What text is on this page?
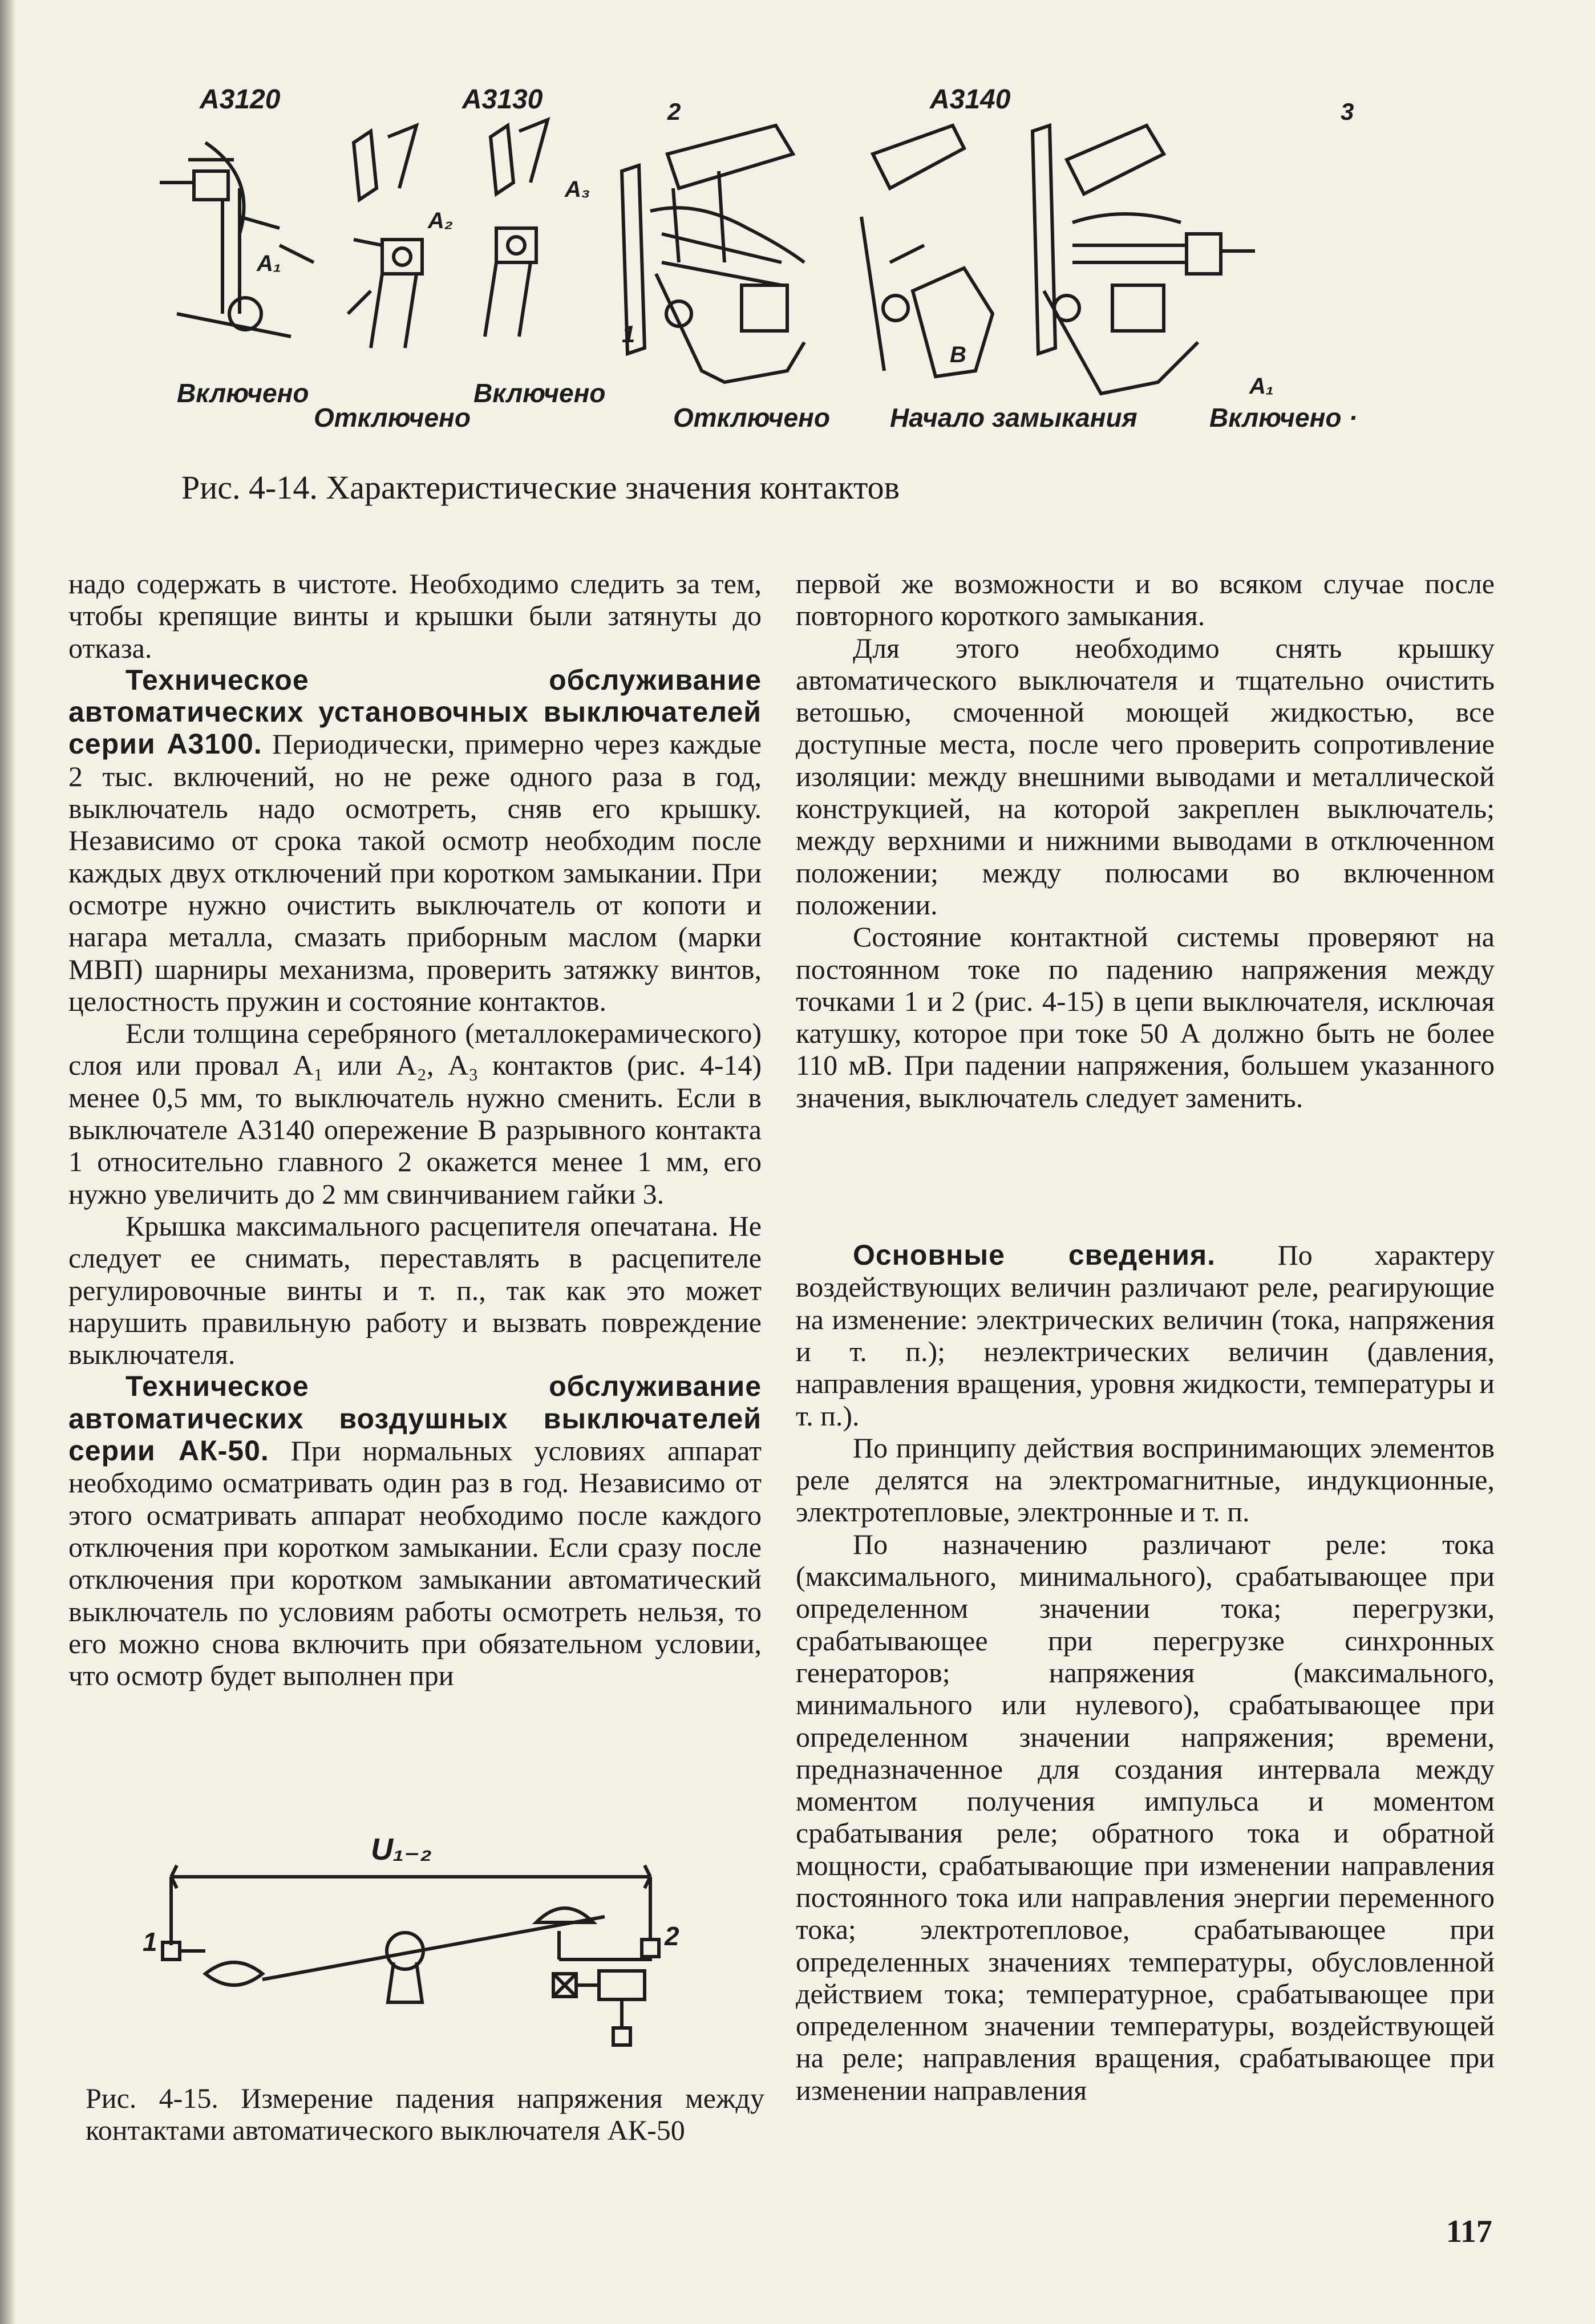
А3120	А3130	А3140
2	3
1
А₁
А₂
А₃
В
А₁
Включено
Отключено
Включено
Отключено Начало замыкания	Включено ·
Рис. 4-14. Характеристические значения контактов

надо содержать в чистоте. Необходимо следить за тем, чтобы крепящие винты и крышки были затянуты до отказа.

Техническое обслуживание автоматических установочных выключателей серии А3100. Периодически, примерно через каждые 2 тыс. включений, но не реже одного раза в год, выключатель надо осмотреть, сняв его крышку. Независимо от срока такой осмотр необходим после каждых двух отключений при коротком замыкании. При осмотре нужно очистить выключатель от копоти и нагара металла, смазать приборным маслом (марки МВП) шарниры механизма, проверить затяжку винтов, целостность пружин и состояние контактов.

Если толщина серебряного (металлокерамического) слоя или провал А₁ или А₂, А₃ контактов (рис. 4-14) менее 0,5 мм, то выключатель нужно сменить. Если в выключателе А3140 опережение В разрывного контакта 1 относительно главного 2 окажется менее 1 мм, его нужно увеличить до 2 мм свинчиванием гайки 3.

Крышка максимального расцепителя опечатана. Не следует ее снимать, переставлять в расцепителе регулировочные винты и т. п., так как это может нарушить правильную работу и вызвать повреждение выключателя.

Техническое обслуживание автоматических воздушных выключателей серии АК-50. При нормальных условиях аппарат необходимо осматривать один раз в год. Независимо от этого осматривать аппарат необходимо после каждого отключения при коротком замыкании. Если сразу после отключения при коротком замыкании автоматический выключатель по условиям работы осмотреть нельзя, то его можно снова включить при обязательном условии, что осмотр будет выполнен при

U₁₋₂
1	2
Рис. 4-15. Измерение падения напряжения между контактами автоматического выключателя АК-50

первой же возможности и во всяком случае после повторного короткого замыкания.

Для этого необходимо снять крышку автоматического выключателя и тщательно очистить ветошью, смоченной моющей жидкостью, все доступные места, после чего проверить сопротивление изоляции: между внешними выводами и металлической конструкцией, на которой закреплен выключатель; между верхними и нижними выводами в отключенном положении; между полюсами во включенном положении.

Состояние контактной системы проверяют на постоянном токе по падению напряжения между точками 1 и 2 (рис. 4-15) в цепи выключателя, исключая катушку, которое при токе 50 А должно быть не более 110 мВ. При падении напряжения, большем указанного значения, выключатель следует заменить.

Основные сведения. По характеру воздействующих величин различают реле, реагирующие на изменение: электрических величин (тока, напряжения и т. п.); неэлектрических величин (давления, направления вращения, уровня жидкости, температуры и т. п.).

По принципу действия воспринимающих элементов реле делятся на электромагнитные, индукционные, электротепловые, электронные и т. п.

По назначению различают реле: тока (максимального, минимального), срабатывающее при определенном значении тока; перегрузки, срабатывающее при перегрузке синхронных генераторов; напряжения (максимального, минимального или нулевого), срабатывающее при определенном значении напряжения; времени, предназначенное для создания интервала между моментом получения импульса и моментом срабатывания реле; обратного тока и обратной мощности, срабатывающие при изменении направления постоянного тока или направления энергии переменного тока; электротепловое, срабатывающее при определенных значениях температуры, обусловленной действием тока; температурное, срабатывающее при определенном значении температуры, воздействующей на реле; направления вращения, срабатывающее при изменении направления

117
